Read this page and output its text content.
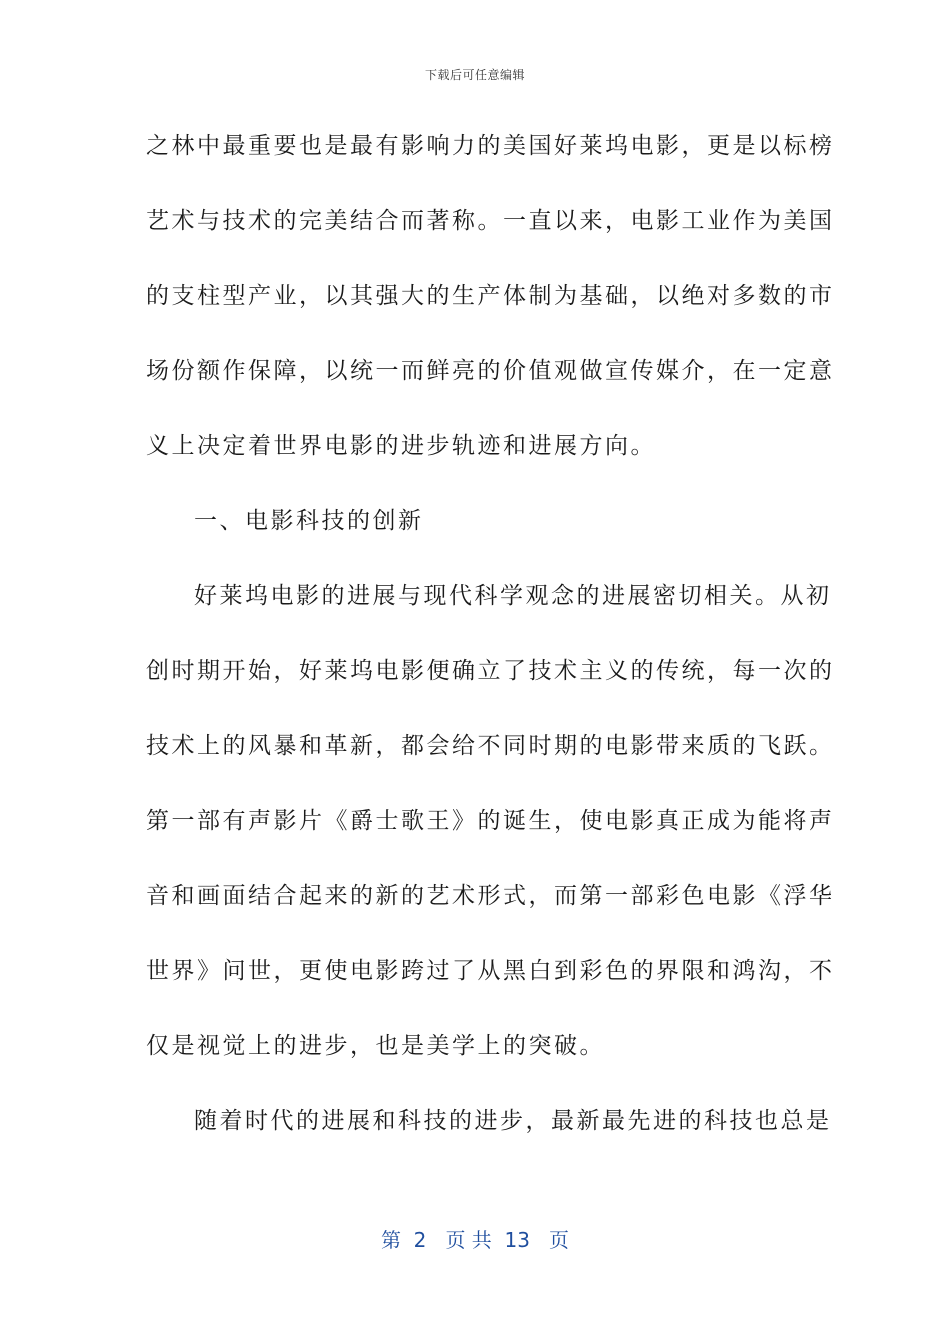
下载后可任意编辑
之林中最重要也是最有影响力的美国好莱坞电影，更是以标榜
艺术与技术的完美结合而著称。一直以来，电影工业作为美国
的支柱型产业，以其强大的生产体制为基础，以绝对多数的市
场份额作保障，以统一而鲜亮的价值观做宣传媒介，在一定意
义上决定着世界电影的进步轨迹和进展方向。
一、电影科技的创新
好莱坞电影的进展与现代科学观念的进展密切相关。从初
创时期开始，好莱坞电影便确立了技术主义的传统，每一次的
技术上的风暴和革新，都会给不同时期的电影带来质的飞跃。
第一部有声影片《爵士歌王》的诞生，使电影真正成为能将声
音和画面结合起来的新的艺术形式，而第一部彩色电影《浮华
世界》问世，更使电影跨过了从黑白到彩色的界限和鸿沟，不
仅是视觉上的进步，也是美学上的突破。
随着时代的进展和科技的进步，最新最先进的科技也总是
第  2   页 共  13   页
